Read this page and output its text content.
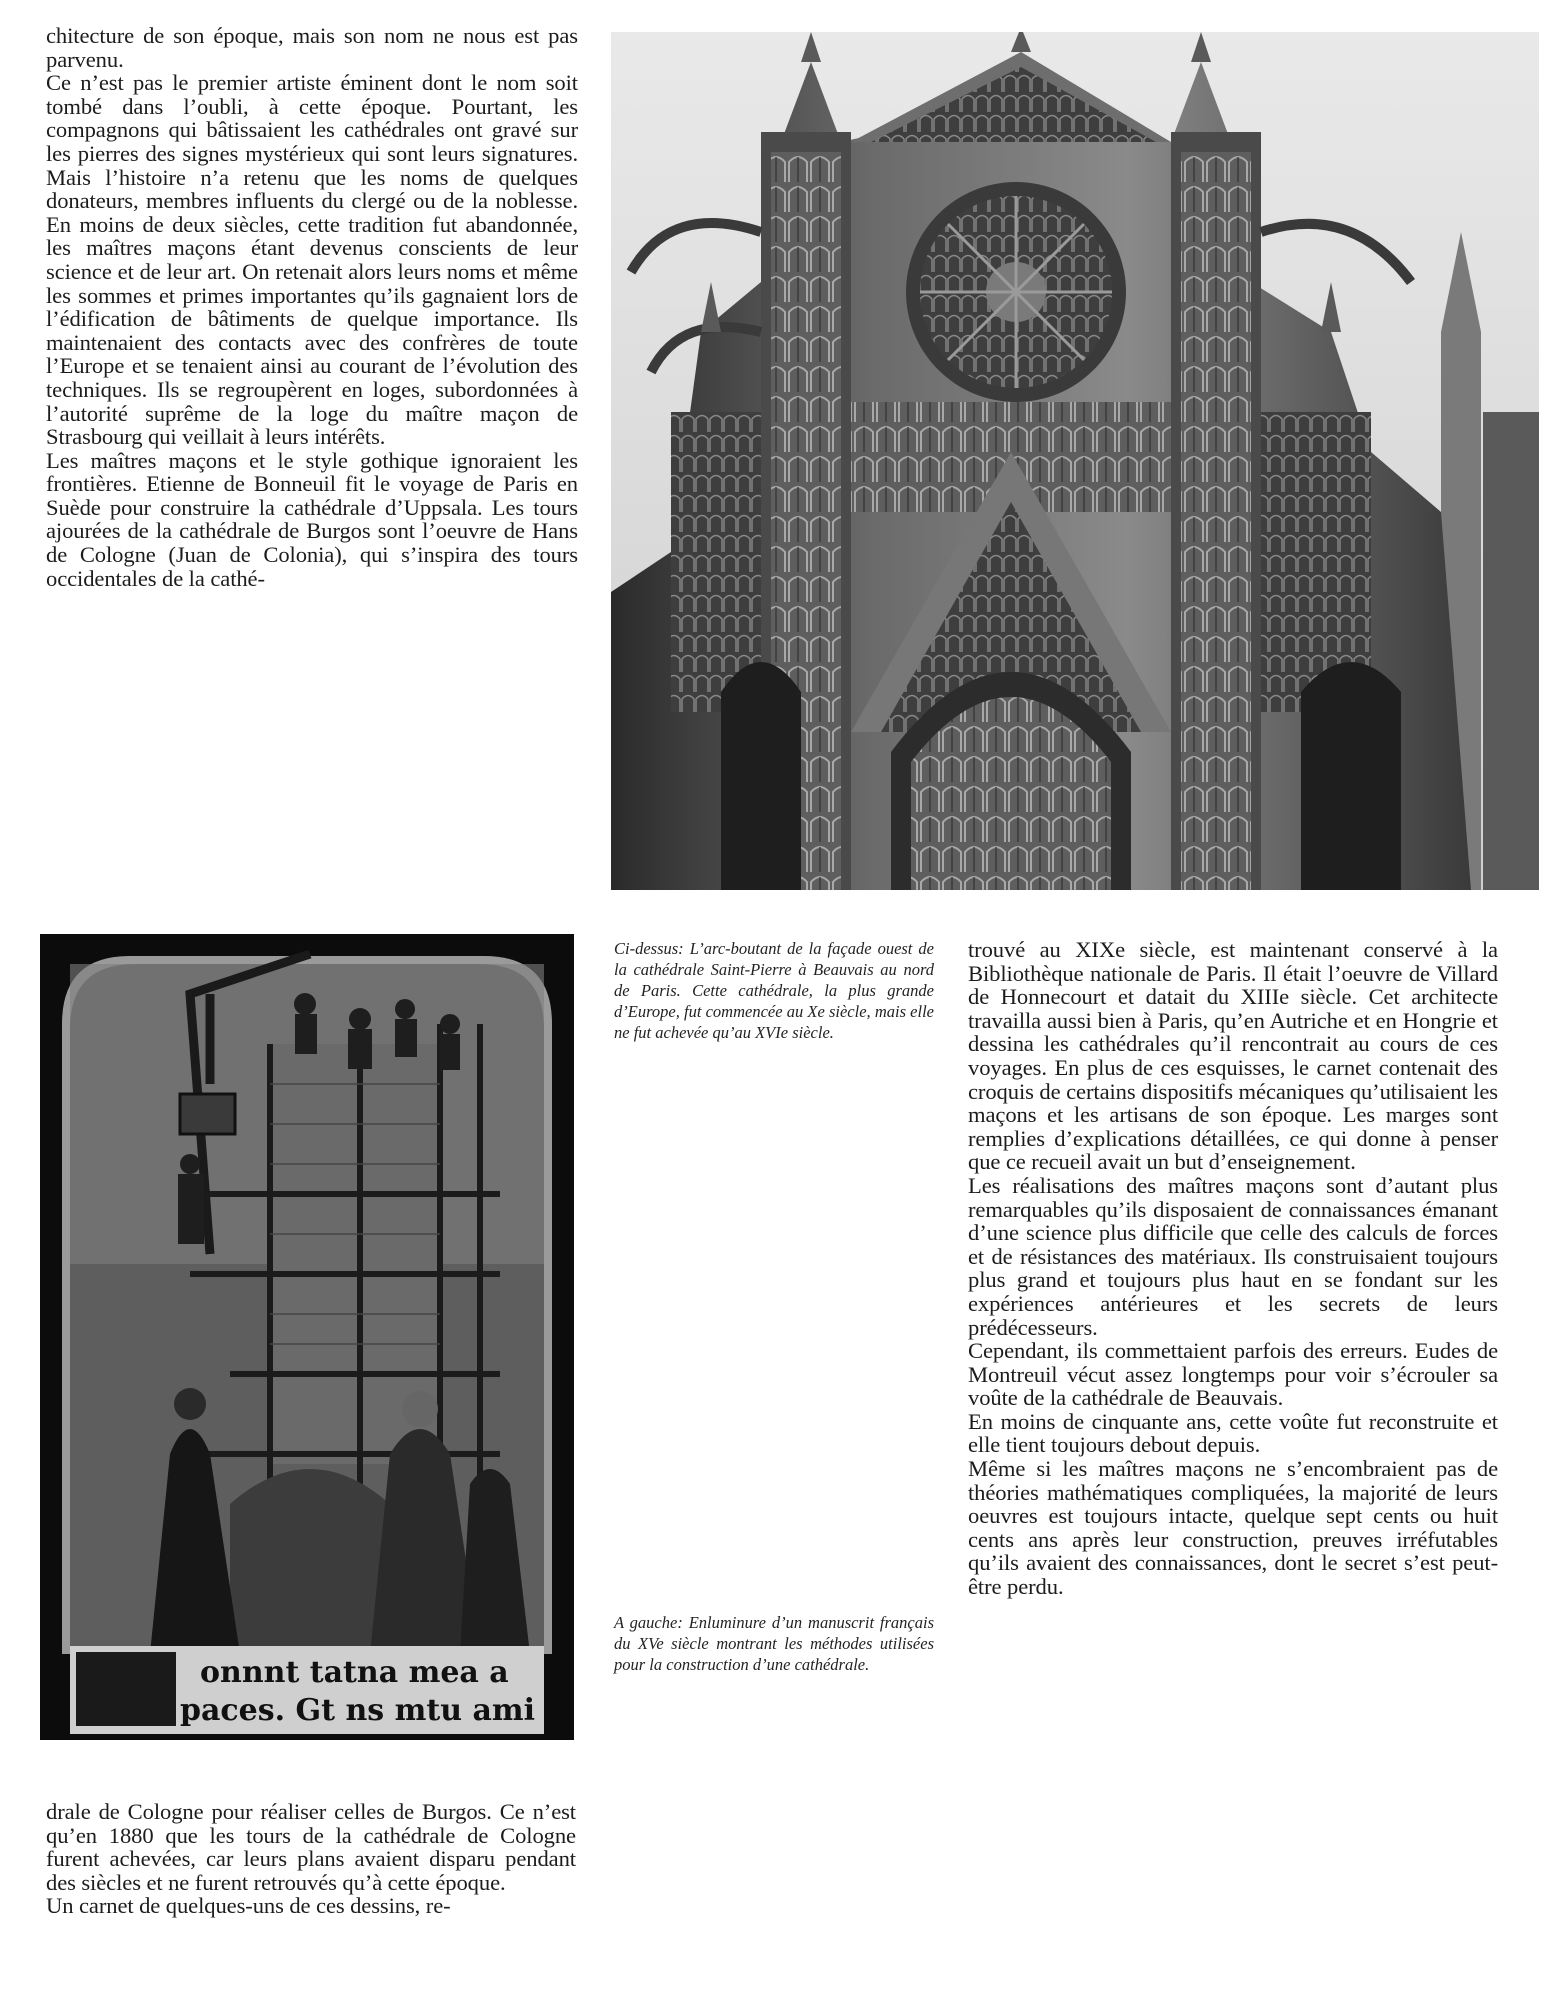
chitecture de son époque, mais son nom ne nous est pas parvenu.

Ce n’est pas le premier artiste éminent dont le nom soit tombé dans l’oubli, à cette époque. Pourtant, les compagnons qui bâtissaient les cathédrales ont gravé sur les pierres des signes mystérieux qui sont leurs signatures. Mais l’histoire n’a retenu que les noms de quelques donateurs, membres influents du clergé ou de la noblesse. En moins de deux siècles, cette tradition fut abandonnée, les maîtres maçons étant devenus conscients de leur science et de leur art. On retenait alors leurs noms et même les sommes et primes importantes qu’ils gagnaient lors de l’édification de bâtiments de quelque importance. Ils maintenaient des contacts avec des confrères de toute l’Europe et se tenaient ainsi au courant de l’évolution des techniques. Ils se regroupèrent en loges, subordonnées à l’autorité suprême de la loge du maître maçon de Strasbourg qui veillait à leurs intérêts.

Les maîtres maçons et le style gothique ignoraient les frontières. Etienne de Bonneuil fit le voyage de Paris en Suède pour construire la cathédrale d’Uppsala. Les tours ajourées de la cathédrale de Burgos sont l’oeuvre de Hans de Cologne (Juan de Colonia), qui s’inspira des tours occidentales de la cathé-

onnnt tatna mea a
paces. Gt ns mtu ami
Ci-dessus: L’arc-boutant de la façade ouest de la cathédrale Saint-Pierre à Beauvais au nord de Paris. Cette cathédrale, la plus grande d’Europe, fut commencée au Xe siècle, mais elle ne fut achevée qu’au XVIe siècle.
A gauche: Enluminure d’un manuscrit français du XVe siècle montrant les méthodes utilisées pour la construction d’une cathédrale.

trouvé au XIXe siècle, est maintenant conservé à la Bibliothèque nationale de Paris. Il était l’oeuvre de Villard de Honnecourt et datait du XIIIe siècle. Cet architecte travailla aussi bien à Paris, qu’en Autriche et en Hongrie et dessina les cathédrales qu’il rencontrait au cours de ces voyages. En plus de ces esquisses, le carnet contenait des croquis de certains dispositifs mécaniques qu’utilisaient les maçons et les artisans de son époque. Les marges sont remplies d’explications détaillées, ce qui donne à penser que ce recueil avait un but d’enseignement.

Les réalisations des maîtres maçons sont d’autant plus remarquables qu’ils disposaient de connaissances émanant d’une science plus difficile que celle des calculs de forces et de résistances des matériaux. Ils construisaient toujours plus grand et toujours plus haut en se fondant sur les expériences antérieures et les secrets de leurs prédécesseurs.

Cependant, ils commettaient parfois des erreurs. Eudes de Montreuil vécut assez longtemps pour voir s’écrouler sa voûte de la cathédrale de Beauvais.

En moins de cinquante ans, cette voûte fut reconstruite et elle tient toujours debout depuis.

Même si les maîtres maçons ne s’encombraient pas de théories mathématiques compliquées, la majorité de leurs oeuvres est toujours intacte, quelque sept cents ou huit cents ans après leur construction, preuves irréfutables qu’ils avaient des connaissances, dont le secret s’est peut-être perdu.

drale de Cologne pour réaliser celles de Burgos. Ce n’est qu’en 1880 que les tours de la cathédrale de Cologne furent achevées, car leurs plans avaient disparu pendant des siècles et ne furent retrouvés qu’à cette époque.

Un carnet de quelques-uns de ces dessins, re-
